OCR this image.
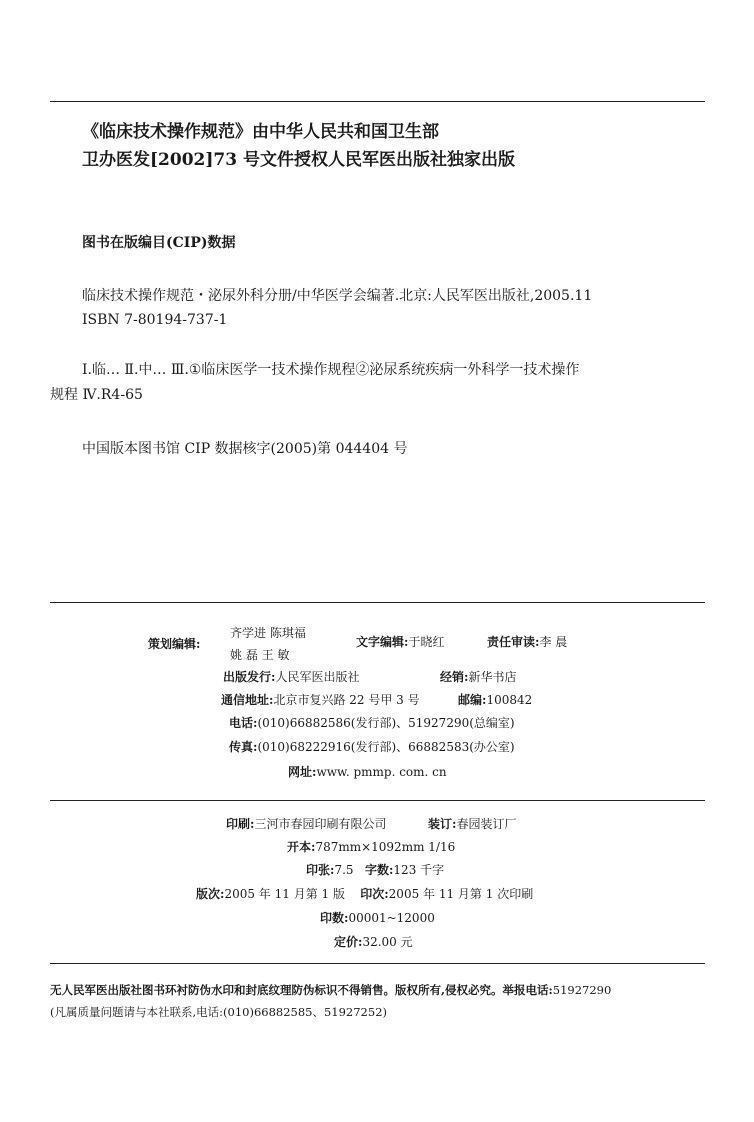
《临床技术操作规范》由中华人民共和国卫生部
卫办医发[2002]73 号文件授权人民军医出版社独家出版
图书在版编目(CIP)数据
临床技术操作规范・泌尿外科分册/中华医学会编著.北京:人民军医出版社,2005.11
ISBN 7-80194-737-1
Ⅰ.临… Ⅱ.中… Ⅲ.①临床医学一技术操作规程②泌尿系统疾病一外科学一技术操作
规程 Ⅳ.R4-65
中国版本图书馆 CIP 数据核字(2005)第 044404 号
策划编辑:
齐学进 陈琪福
姚 磊 王 敏
文字编辑:于晓红	责任审读:李 晨
出版发行:人民军医出版社	经销:新华书店
通信地址:北京市复兴路 22 号甲 3 号	邮编:100842
电话:(010)66882586(发行部)、51927290(总编室)
传真:(010)68222916(发行部)、66882583(办公室)
网址:www. pmmp. com. cn
印刷:三河市春园印刷有限公司	装订:春园装订厂
开本:787mm×1092mm 1/16
印张:7.5 字数:123 千字
版次:2005 年 11 月第 1 版 印次:2005 年 11 月第 1 次印刷
印数:00001~12000
定价:32.00 元
无人民军医出版社图书环衬防伪水印和封底纹理防伪标识不得销售。版权所有,侵权必究。举报电话:51927290
(凡属质量问题请与本社联系,电话:(010)66882585、51927252)
